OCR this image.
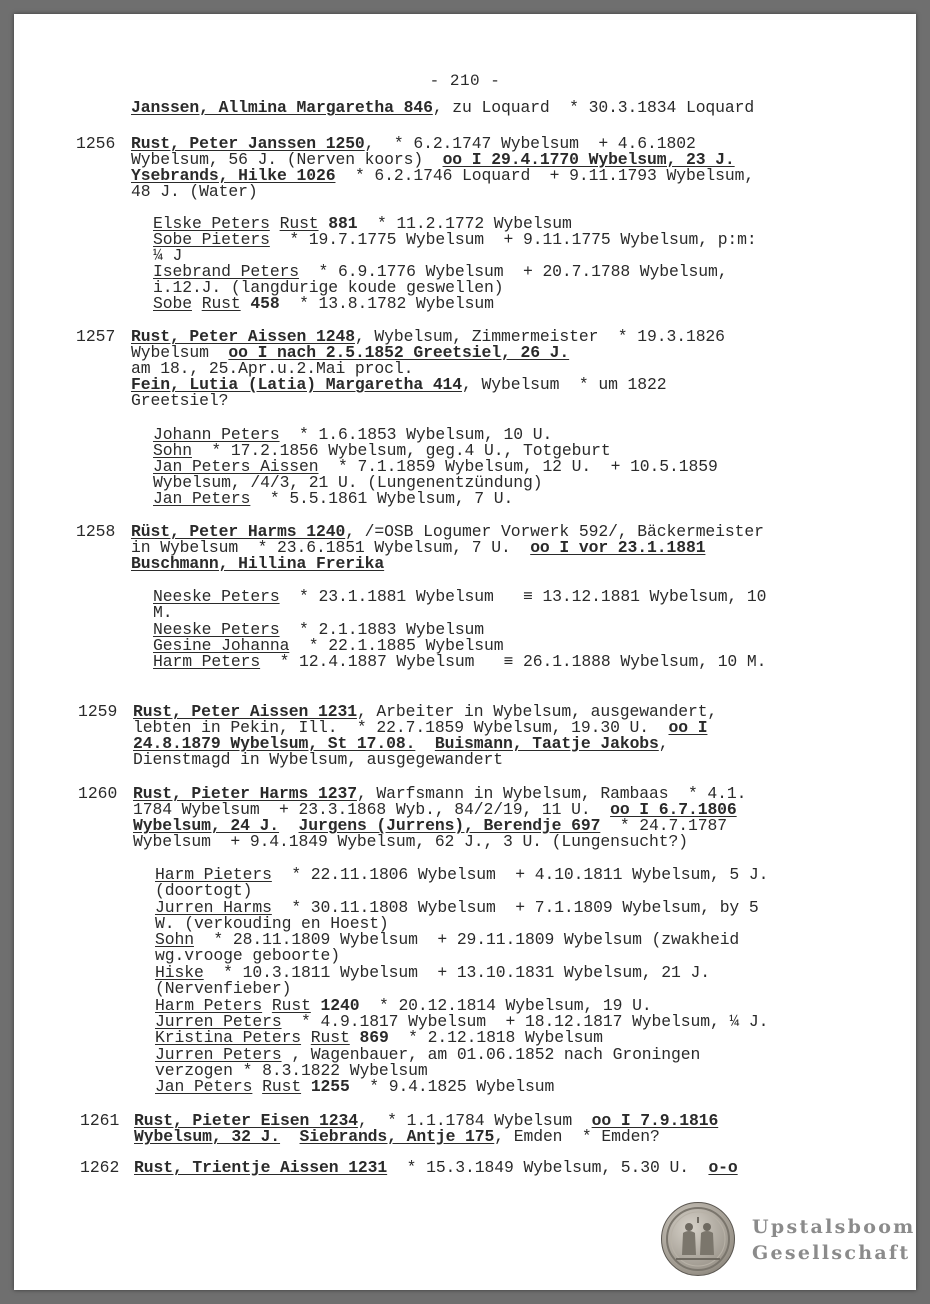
- 210 -
Janssen, Allmina Margaretha 846, zu Loquard  * 30.3.1834 Loquard
1256 Rust, Peter Janssen 1250,  * 6.2.1747 Wybelsum  + 4.6.1802
Wybelsum, 56 J. (Nerven koors)  oo I 29.4.1770 Wybelsum, 23 J.
Ysebrands, Hilke 1026  * 6.2.1746 Loquard  + 9.11.1793 Wybelsum,
48 J. (Water)
Elske Peters Rust 881  * 11.2.1772 Wybelsum
Sobe Pieters  * 19.7.1775 Wybelsum  + 9.11.1775 Wybelsum, p:m:
¼ J
Isebrand Peters  * 6.9.1776 Wybelsum  + 20.7.1788 Wybelsum,
i.12.J. (langdurige koude geswellen)
Sobe Rust 458  * 13.8.1782 Wybelsum
1257 Rust, Peter Aissen 1248, Wybelsum, Zimmermeister  * 19.3.1826
Wybelsum  oo I nach 2.5.1852 Greetsiel, 26 J.
am 18., 25.Apr.u.2.Mai procl.
Fein, Lutia (Latia) Margaretha 414, Wybelsum  * um 1822
Greetsiel?
Johann Peters  * 1.6.1853 Wybelsum, 10 U.
Sohn  * 17.2.1856 Wybelsum, geg.4 U., Totgeburt
Jan Peters Aissen  * 7.1.1859 Wybelsum, 12 U.  + 10.5.1859
Wybelsum, /4/3, 21 U. (Lungenentzündung)
Jan Peters  * 5.5.1861 Wybelsum, 7 U.
1258 Rüst, Peter Harms 1240, /=OSB Logumer Vorwerk 592/, Bäckermeister
in Wybelsum  * 23.6.1851 Wybelsum, 7 U.  oo I vor 23.1.1881
Buschmann, Hillina Frerika
Neeske Peters  * 23.1.1881 Wybelsum   ≡ 13.12.1881 Wybelsum, 10
M.
Neeske Peters  * 2.1.1883 Wybelsum
Gesine Johanna  * 22.1.1885 Wybelsum
Harm Peters  * 12.4.1887 Wybelsum   ≡ 26.1.1888 Wybelsum, 10 M.
1259 Rust, Peter Aissen 1231, Arbeiter in Wybelsum, ausgewandert,
lebten in Pekin, Ill.  * 22.7.1859 Wybelsum, 19.30 U.  oo I
24.8.1879 Wybelsum, St 17.08. Buismann, Taatje Jakobs,
Dienstmagd in Wybelsum, ausgegewandert
1260 Rust, Pieter Harms 1237, Warfsmann in Wybelsum, Rambaas  * 4.1.
1784 Wybelsum  + 23.3.1868 Wyb., 84/2/19, 11 U.  oo I 6.7.1806
Wybelsum, 24 J. Jurgens (Jurrens), Berendje 697  * 24.7.1787
Wybelsum  + 9.4.1849 Wybelsum, 62 J., 3 U. (Lungensucht?)
Harm Pieters  * 22.11.1806 Wybelsum  + 4.10.1811 Wybelsum, 5 J.
(doortogt)
Jurren Harms  * 30.11.1808 Wybelsum  + 7.1.1809 Wybelsum, by 5
W. (verkouding en Hoest)
Sohn  * 28.11.1809 Wybelsum  + 29.11.1809 Wybelsum (zwakheid
wg.vrooge geboorte)
Hiske  * 10.3.1811 Wybelsum  + 13.10.1831 Wybelsum, 21 J.
(Nervenfieber)
Harm Peters Rust 1240  * 20.12.1814 Wybelsum, 19 U.
Jurren Peters  * 4.9.1817 Wybelsum  + 18.12.1817 Wybelsum, ¼ J.
Kristina Peters Rust 869  * 2.12.1818 Wybelsum
Jurren Peters , Wagenbauer, am 01.06.1852 nach Groningen
verzogen * 8.3.1822 Wybelsum
Jan Peters Rust 1255  * 9.4.1825 Wybelsum
1261 Rust, Pieter Eisen 1234,  * 1.1.1784 Wybelsum  oo I 7.9.1816
Wybelsum, 32 J. Siebrands, Antje 175, Emden  * Emden?
1262 Rust, Trientje Aissen 1231  * 15.3.1849 Wybelsum, 5.30 U.  o-o
Upstalsboom
Gesellschaft
